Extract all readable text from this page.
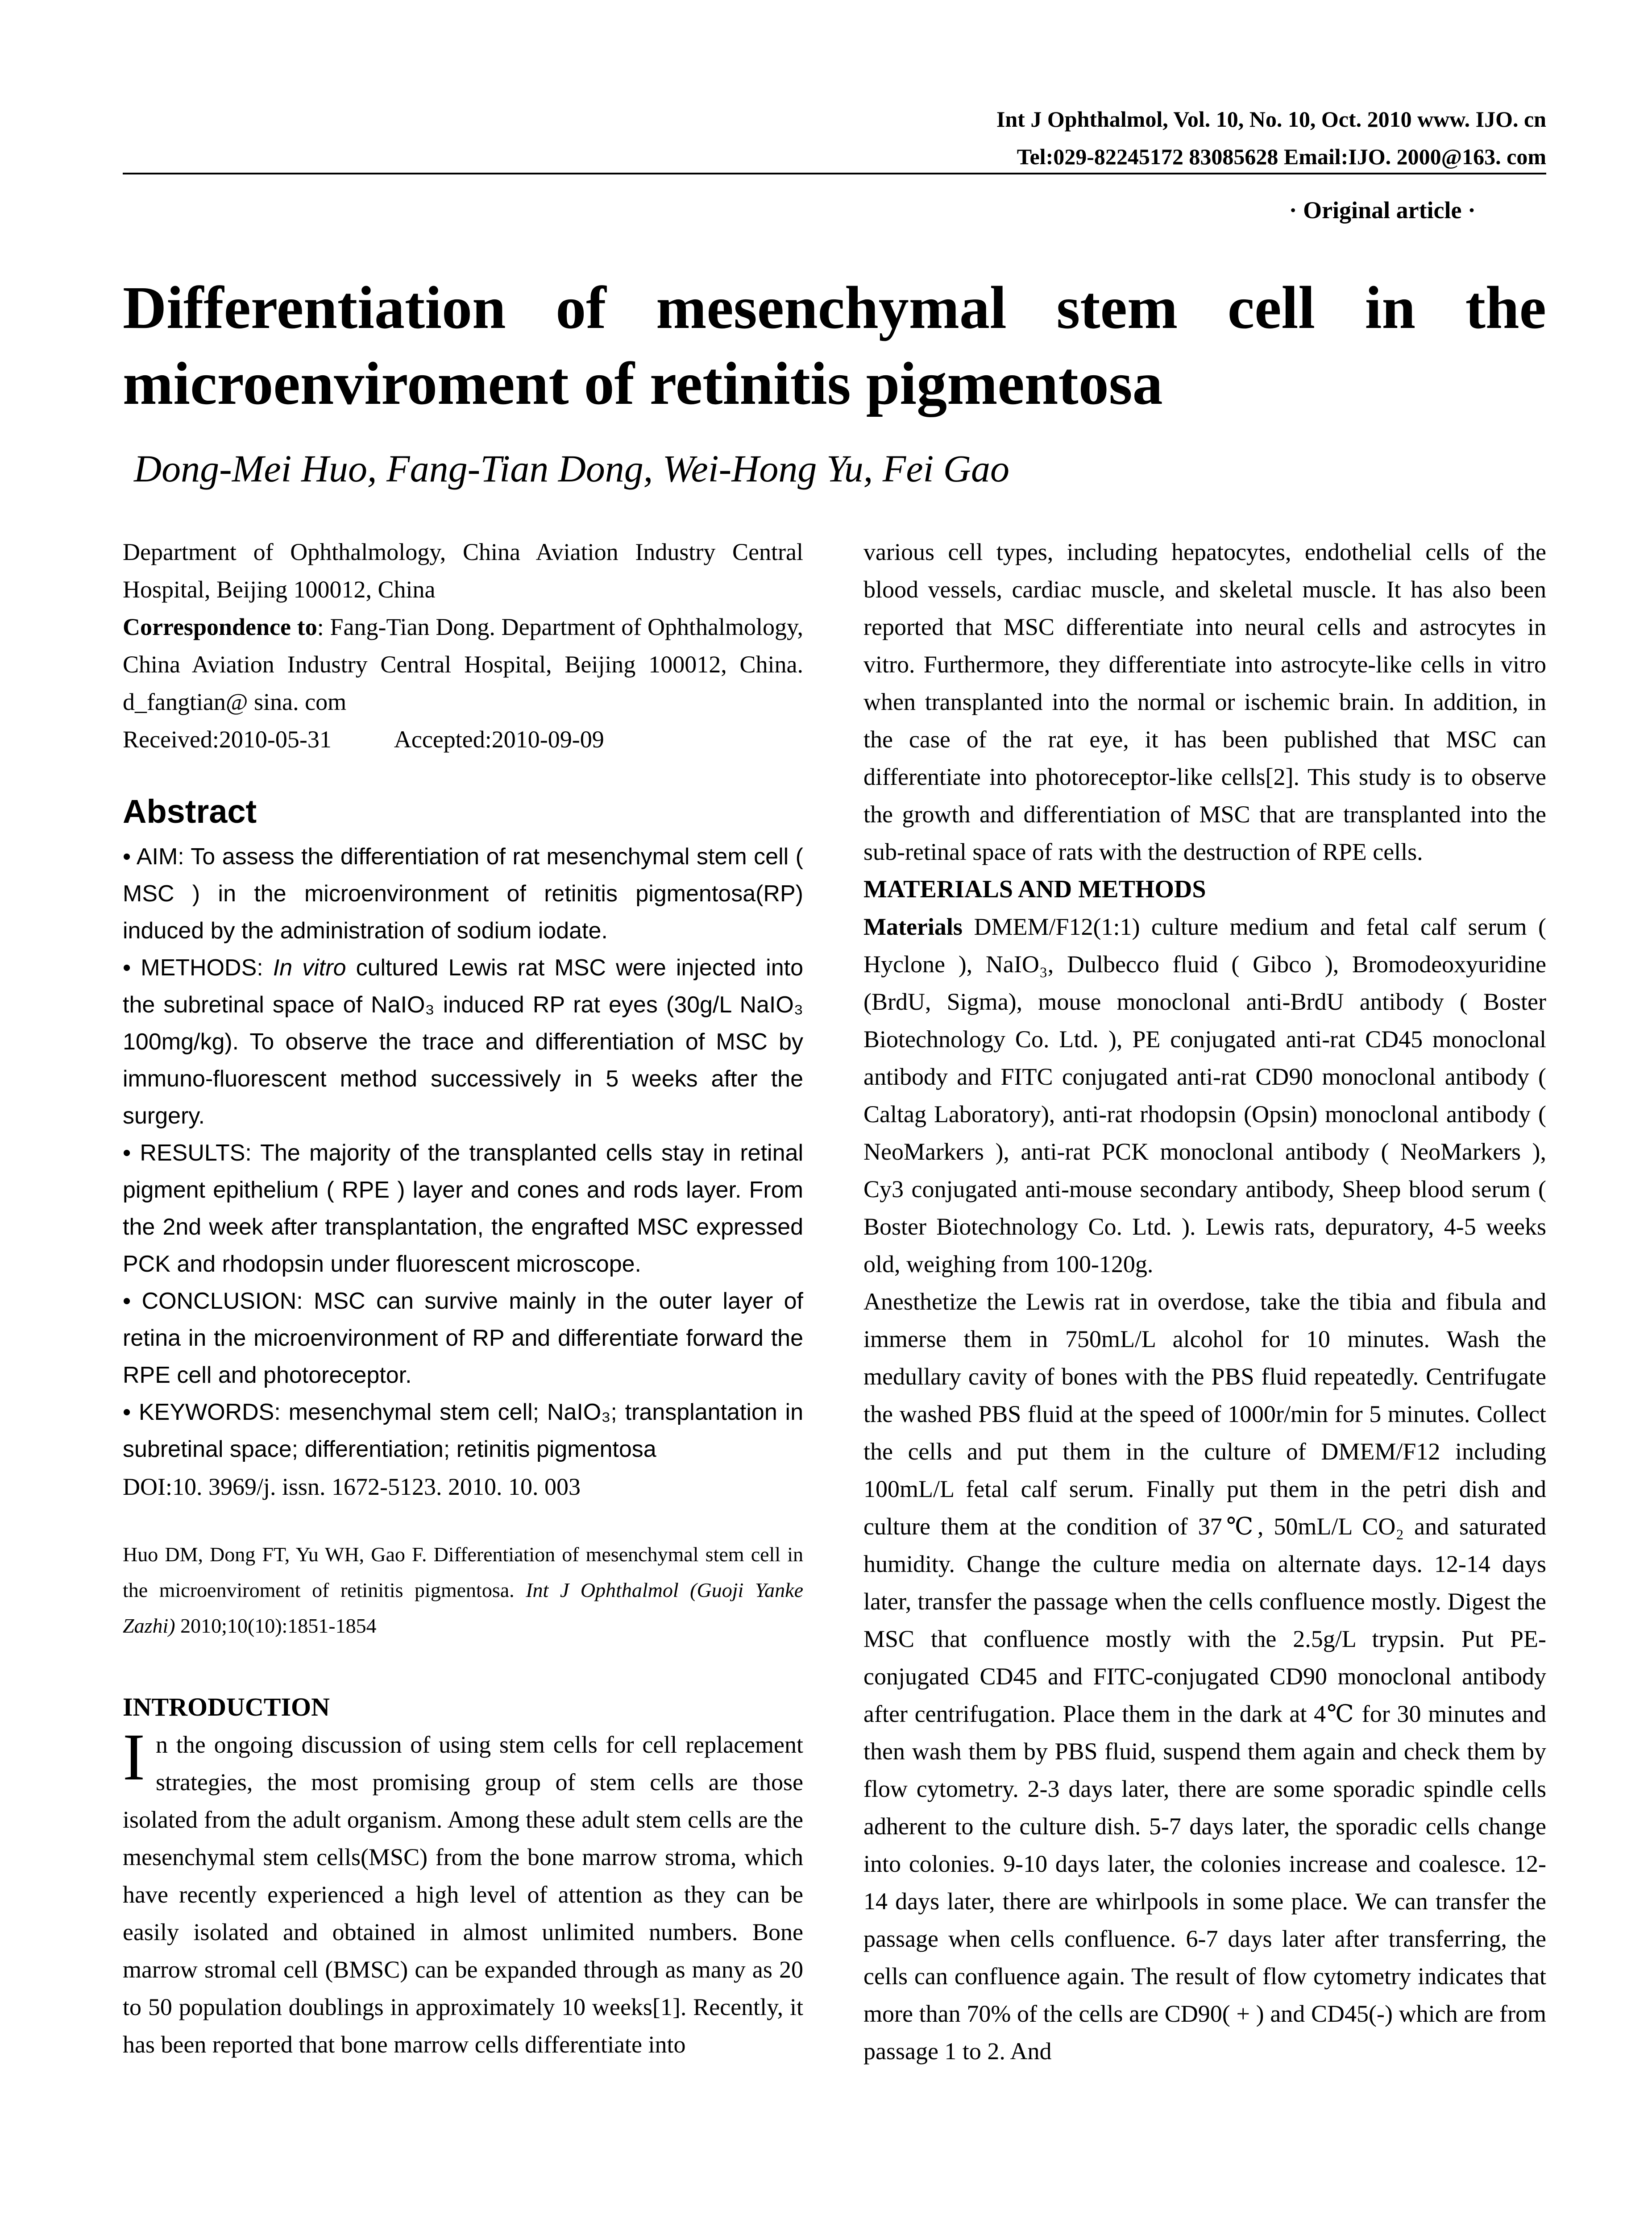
Int J Ophthalmol, Vol. 10, No. 10, Oct. 2010 www. IJO. cn
Tel:029-82245172 83085628 Email:IJO. 2000@163. com
· Original article ·
Differentiation of mesenchymal stem cell in the
microenviroment of retinitis pigmentosa
Dong-Mei Huo, Fang-Tian Dong, Wei-Hong Yu, Fei Gao

Department of Ophthalmology, China Aviation Industry Central Hospital, Beijing 100012, China

Correspondence to: Fang-Tian Dong. Department of Ophthalmology, China Aviation Industry Central Hospital, Beijing 100012, China. d_fangtian@ sina. com

Received:2010-05-31	Accepted:2010-09-09

Abstract

• AIM: To assess the differentiation of rat mesenchymal stem cell ( MSC ) in the microenvironment of retinitis pigmentosa(RP) induced by the administration of sodium iodate.

• METHODS: In vitro cultured Lewis rat MSC were injected into the subretinal space of NaIO₃ induced RP rat eyes (30g/L NaIO₃ 100mg/kg). To observe the trace and differentiation of MSC by immuno-fluorescent method successively in 5 weeks after the surgery.

• RESULTS: The majority of the transplanted cells stay in retinal pigment epithelium ( RPE ) layer and cones and rods layer. From the 2nd week after transplantation, the engrafted MSC expressed PCK and rhodopsin under fluorescent microscope.

• CONCLUSION: MSC can survive mainly in the outer layer of retina in the microenvironment of RP and differentiate forward the RPE cell and photoreceptor.

• KEYWORDS: mesenchymal stem cell; NaIO₃; transplantation in subretinal space; differentiation; retinitis pigmentosa

DOI:10. 3969/j. issn. 1672-5123. 2010. 10. 003

Huo DM, Dong FT, Yu WH, Gao F. Differentiation of mesenchymal stem cell in the microenviroment of retinitis pigmentosa. Int J Ophthalmol (Guoji Yanke Zazhi) 2010;10(10):1851-1854

INTRODUCTION

In the ongoing discussion of using stem cells for cell replacement strategies, the most promising group of stem cells are those isolated from the adult organism. Among these adult stem cells are the mesenchymal stem cells(MSC) from the bone marrow stroma, which have recently experienced a high level of attention as they can be easily isolated and obtained in almost unlimited numbers. Bone marrow stromal cell (BMSC) can be expanded through as many as 20 to 50 population doublings in approximately 10 weeks[1]. Recently, it has been reported that bone marrow cells differentiate into

various cell types, including hepatocytes, endothelial cells of the blood vessels, cardiac muscle, and skeletal muscle. It has also been reported that MSC differentiate into neural cells and astrocytes in vitro. Furthermore, they differentiate into astrocyte-like cells in vitro when transplanted into the normal or ischemic brain. In addition, in the case of the rat eye, it has been published that MSC can differentiate into photoreceptor-like cells[2]. This study is to observe the growth and differentiation of MSC that are transplanted into the sub-retinal space of rats with the destruction of RPE cells.

MATERIALS AND METHODS

Materials DMEM/F12(1:1) culture medium and fetal calf serum ( Hyclone ), NaIO₃, Dulbecco fluid ( Gibco ), Bromodeoxyuridine (BrdU, Sigma), mouse monoclonal anti-BrdU antibody ( Boster Biotechnology Co. Ltd. ), PE conjugated anti-rat CD45 monoclonal antibody and FITC conjugated anti-rat CD90 monoclonal antibody ( Caltag Laboratory), anti-rat rhodopsin (Opsin) monoclonal antibody ( NeoMarkers ), anti-rat PCK monoclonal antibody ( NeoMarkers ), Cy3 conjugated anti-mouse secondary antibody, Sheep blood serum ( Boster Biotechnology Co. Ltd. ). Lewis rats, depuratory, 4-5 weeks old, weighing from 100-120g.

Anesthetize the Lewis rat in overdose, take the tibia and fibula and immerse them in 750mL/L alcohol for 10 minutes. Wash the medullary cavity of bones with the PBS fluid repeatedly. Centrifugate the washed PBS fluid at the speed of 1000r/min for 5 minutes. Collect the cells and put them in the culture of DMEM/F12 including 100mL/L fetal calf serum. Finally put them in the petri dish and culture them at the condition of 37℃, 50mL/L CO₂ and saturated humidity. Change the culture media on alternate days. 12-14 days later, transfer the passage when the cells confluence mostly. Digest the MSC that confluence mostly with the 2.5g/L trypsin. Put PE-conjugated CD45 and FITC-conjugated CD90 monoclonal antibody after centrifugation. Place them in the dark at 4℃ for 30 minutes and then wash them by PBS fluid, suspend them again and check them by flow cytometry. 2-3 days later, there are some sporadic spindle cells adherent to the culture dish. 5-7 days later, the sporadic cells change into colonies. 9-10 days later, the colonies increase and coalesce. 12-14 days later, there are whirlpools in some place. We can transfer the passage when cells confluence. 6-7 days later after transferring, the cells can confluence again. The result of flow cytometry indicates that more than 70% of the cells are CD90( + ) and CD45(-) which are from passage 1 to 2. And
